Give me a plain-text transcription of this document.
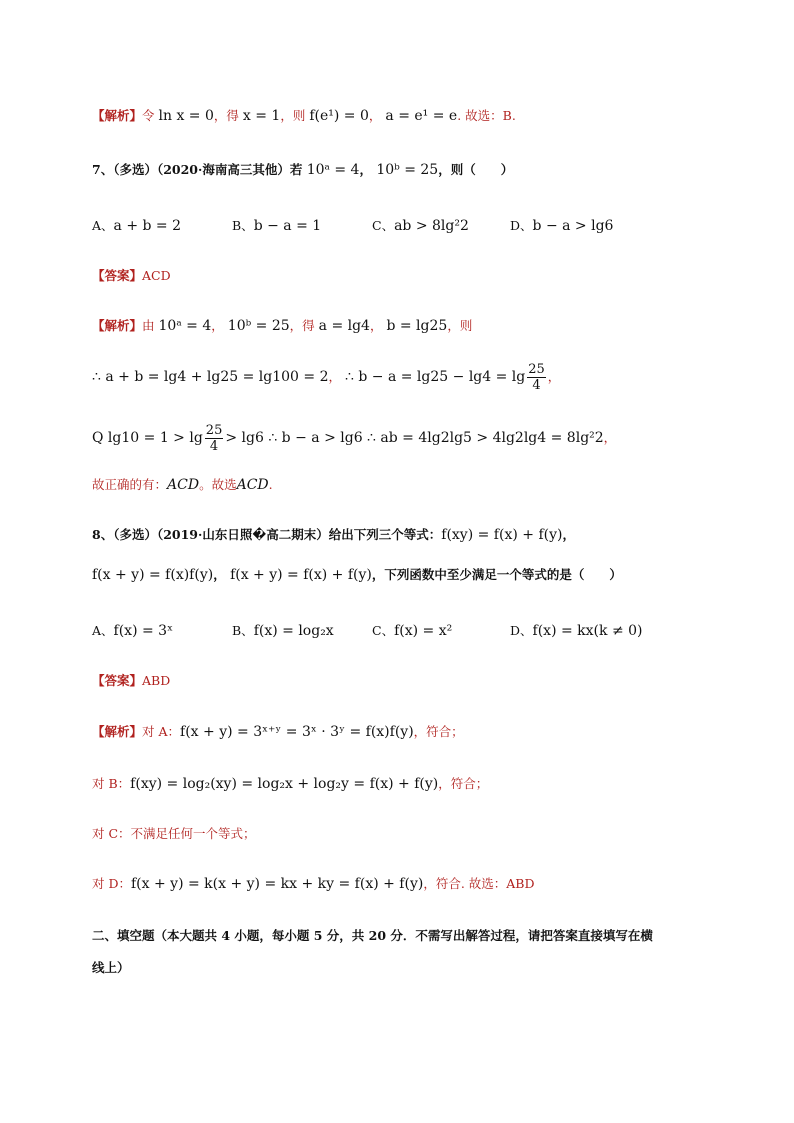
【解析】令 ln x = 0，得 x = 1，则 f(e¹) = 0， a = e¹ = e. 故选：B.
7、（多选）（2020·海南高三其他）若 10ᵃ = 4， 10ᵇ = 25，则（　　）
A、a + b = 2	B、b − a = 1	C、ab > 8lg²2	D、b − a > lg6
【答案】ACD
【解析】由 10ᵃ = 4， 10ᵇ = 25，得 a = lg4， b = lg25，则
∴ a + b = lg4 + lg25 = lg100 = 2， ∴ $b - a = \lg 25 - \lg 4 = \lg \frac{25}{4}$ ，
Q $\lg 10 = 1 > \lg \frac{25}{4} > \lg 6$ ∴ b − a > lg6 ∴ ab = 4lg2lg5 > 4lg2lg4 = 8lg²2，
故正确的有：ACD。故选ACD.
8、（多选）（2019·山东日照�高二期末）给出下列三个等式：f(xy) = f(x) + f(y)，
f(x + y) = f(x)f(y)， f(x + y) = f(x) + f(y)，下列函数中至少满足一个等式的是（　　）
A、f(x) = 3ˣ	B、f(x) = log₂x	C、f(x) = x²	D、f(x) = kx(k ≠ 0)
【答案】ABD
【解析】对 A：f(x + y) = 3ˣ⁺ʸ = 3ˣ · 3ʸ = f(x)f(y)，符合；
对 B：f(xy) = log₂(xy) = log₂x + log₂y = f(x) + f(y)，符合；
对 C：不满足任何一个等式；
对 D：f(x + y) = k(x + y) = kx + ky = f(x) + f(y)，符合. 故选：ABD
二、填空题（本大题共 4 小题，每小题 5 分，共 20 分．不需写出解答过程，请把答案直接填写在横
线上）
